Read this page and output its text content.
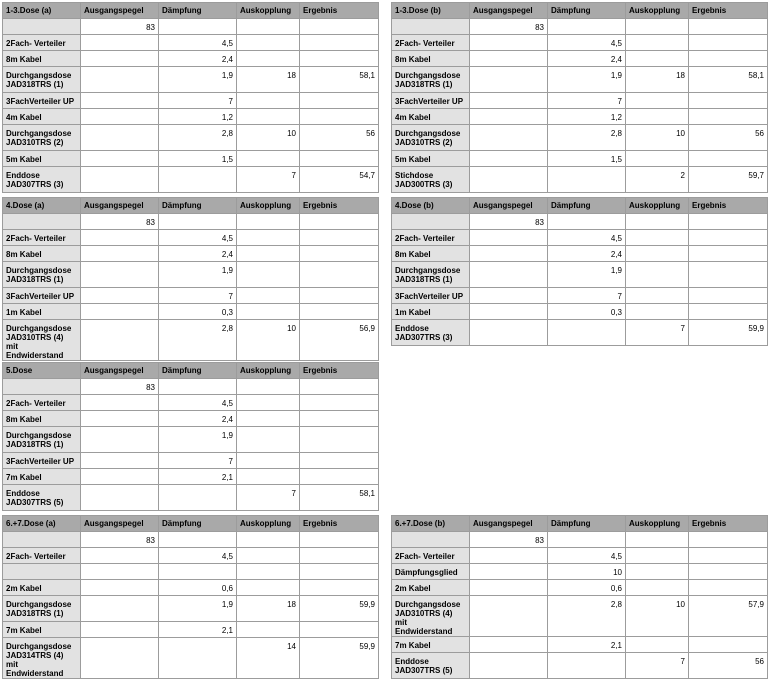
1-3.Dose (a)	Ausgangspegel	Dämpfung	Auskopplung	Ergebnis
	83			
2Fach- Verteiler		4,5		
8m Kabel		2,4		
Durchgangsdose JAD318TRS (1)		1,9	18	58,1
3FachVerteiler UP		7		
4m Kabel		1,2		
Durchgangsdose JAD310TRS (2)		2,8	10	56
5m Kabel		1,5		
Enddose JAD307TRS (3)			7	54,7
1-3.Dose (b)	Ausgangspegel	Dämpfung	Auskopplung	Ergebnis
	83			
2Fach- Verteiler		4,5		
8m Kabel		2,4		
Durchgangsdose JAD318TRS (1)		1,9	18	58,1
3FachVerteiler UP		7		
4m Kabel		1,2		
Durchgangsdose JAD310TRS (2)		2,8	10	56
5m Kabel		1,5		
Stichdose JAD300TRS (3)			2	59,7
4.Dose (a)	Ausgangspegel	Dämpfung	Auskopplung	Ergebnis
	83			
2Fach- Verteiler		4,5		
8m Kabel		2,4		
Durchgangsdose JAD318TRS (1)		1,9		
3FachVerteiler UP		7		
1m Kabel		0,3		
Durchgangsdose JAD310TRS (4) mit Endwiderstand		2,8	10	56,9
4.Dose (b)	Ausgangspegel	Dämpfung	Auskopplung	Ergebnis
	83			
2Fach- Verteiler		4,5		
8m Kabel		2,4		
Durchgangsdose JAD318TRS (1)		1,9		
3FachVerteiler UP		7		
1m Kabel		0,3		
Enddose JAD307TRS (3)			7	59,9
5.Dose	Ausgangspegel	Dämpfung	Auskopplung	Ergebnis
	83			
2Fach- Verteiler		4,5		
8m Kabel		2,4		
Durchgangsdose JAD318TRS (1)		1,9		
3FachVerteiler UP		7		
7m Kabel		2,1		
Enddose JAD307TRS (5)			7	58,1
6.+7.Dose (a)	Ausgangspegel	Dämpfung	Auskopplung	Ergebnis
	83			
2Fach- Verteiler		4,5		

2m Kabel		0,6		
Durchgangsdose JAD318TRS (1)		1,9	18	59,9
7m Kabel		2,1		
Durchgangsdose JAD314TRS (4) mit Endwiderstand			14	59,9
6.+7.Dose (b)	Ausgangspegel	Dämpfung	Auskopplung	Ergebnis
	83			
2Fach- Verteiler		4,5		
Dämpfungsglied		10		
2m Kabel		0,6		
Durchgangsdose JAD310TRS (4) mit Endwiderstand		2,8	10	57,9
7m Kabel		2,1		
Enddose JAD307TRS (5)			7	56
